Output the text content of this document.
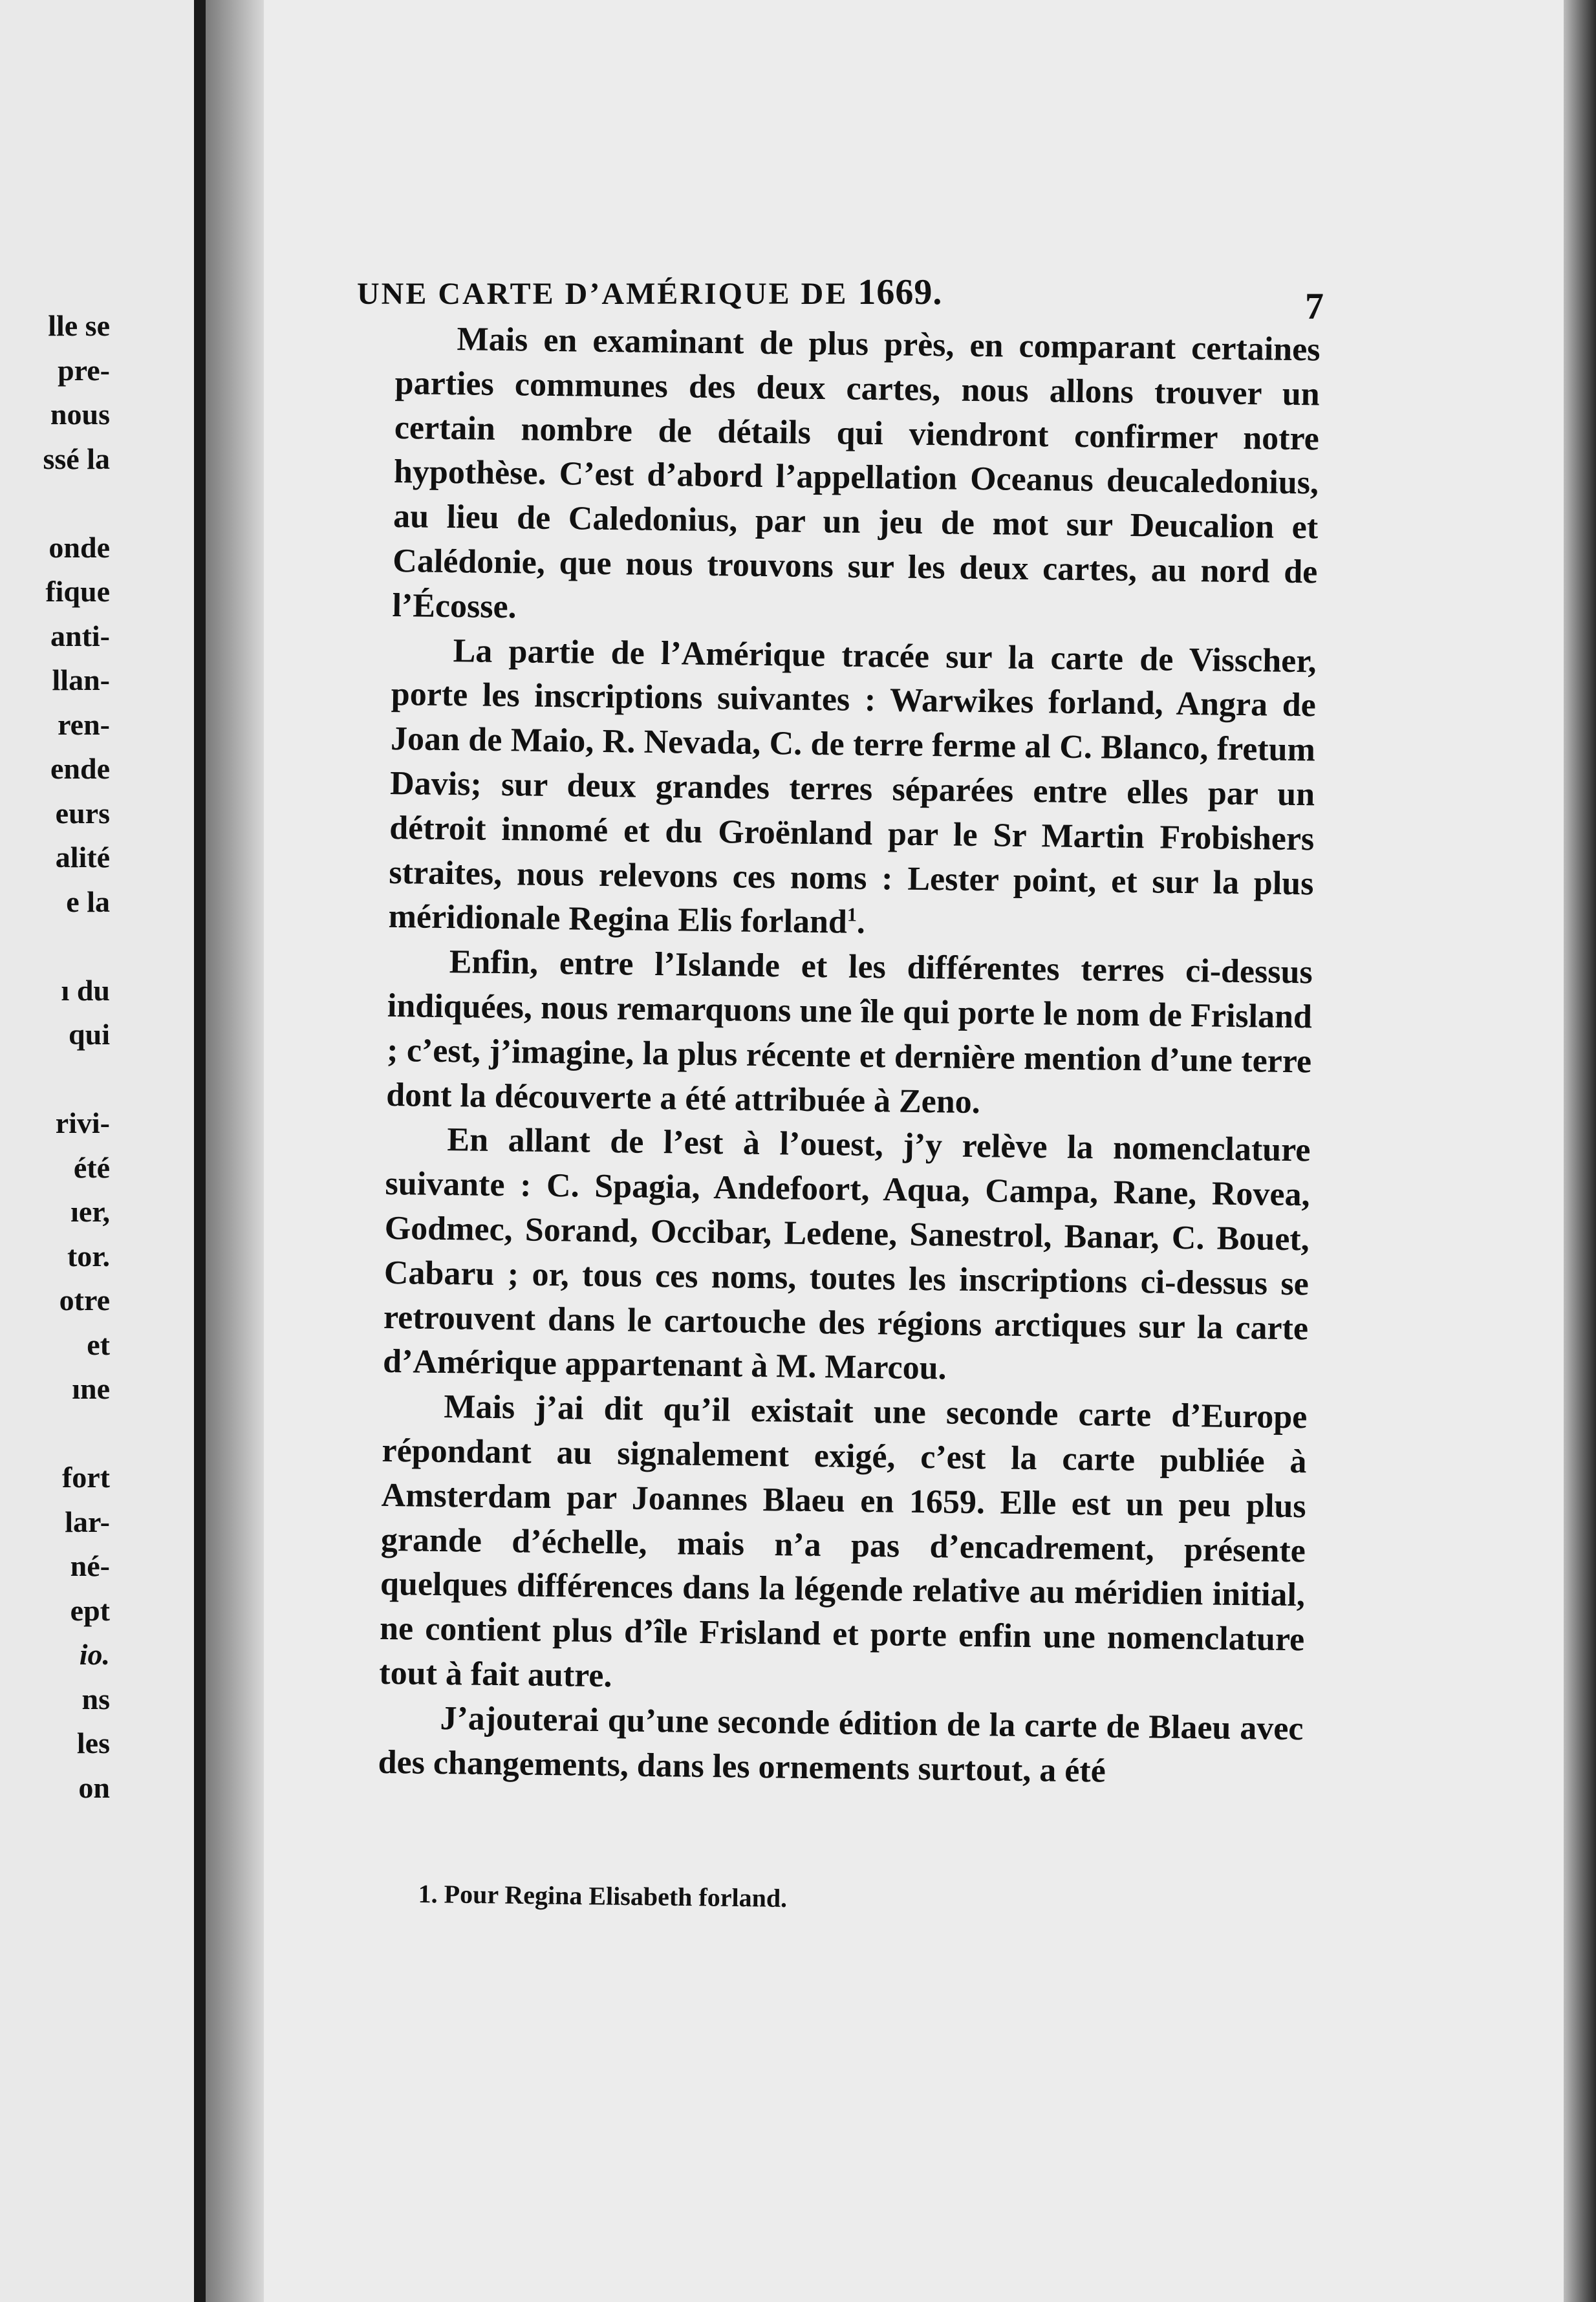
lle se
pre-
nous
ssé la

onde
fique
anti-
llan-
ren-
ende
eurs
alité
e la

ı du
qui

rivi-
été
ıer,
tor.
otre
et
ıne

fort
lar-
né-
ept
io.
ns
les
on
UNE CARTE D’AMÉRIQUE DE 1669.	7

Mais en examinant de plus près, en comparant certaines parties communes des deux cartes, nous allons trouver un certain nombre de détails qui viendront confirmer notre hypothèse. C’est d’abord l’appellation Oceanus deucaledonius, au lieu de Caledonius, par un jeu de mot sur Deucalion et Calédonie, que nous trouvons sur les deux cartes, au nord de l’Écosse.

La partie de l’Amérique tracée sur la carte de Visscher, porte les inscriptions suivantes : Warwikes forland, Angra de Joan de Maio, R. Nevada, C. de terre ferme al C. Blanco, fretum Davis; sur deux grandes terres séparées entre elles par un détroit innomé et du Groënland par le Sr Martin Frobishers straites, nous relevons ces noms : Lester point, et sur la plus méridionale Regina Elis forland$^1$.

Enfin, entre l’Islande et les différentes terres ci-dessus indiquées, nous remarquons une île qui porte le nom de Frisland ; c’est, j’imagine, la plus récente et dernière mention d’une terre dont la découverte a été attribuée à Zeno.

En allant de l’est à l’ouest, j’y relève la nomenclature suivante : C. Spagia, Andefoort, Aqua, Campa, Rane, Rovea, Godmec, Sorand, Occibar, Ledene, Sanestrol, Banar, C. Bouet, Cabaru ; or, tous ces noms, toutes les inscriptions ci-dessus se retrouvent dans le cartouche des régions arctiques sur la carte d’Amérique appartenant à M. Marcou.

Mais j’ai dit qu’il existait une seconde carte d’Europe répondant au signalement exigé, c’est la carte publiée à Amsterdam par Joannes Blaeu en 1659. Elle est un peu plus grande d’échelle, mais n’a pas d’encadrement, présente quelques différences dans la légende relative au méridien initial, ne contient plus d’île Frisland et porte enfin une nomenclature tout à fait autre.

J’ajouterai qu’une seconde édition de la carte de Blaeu avec des changements, dans les ornements surtout, a été

1. Pour Regina Elisabeth forland.
